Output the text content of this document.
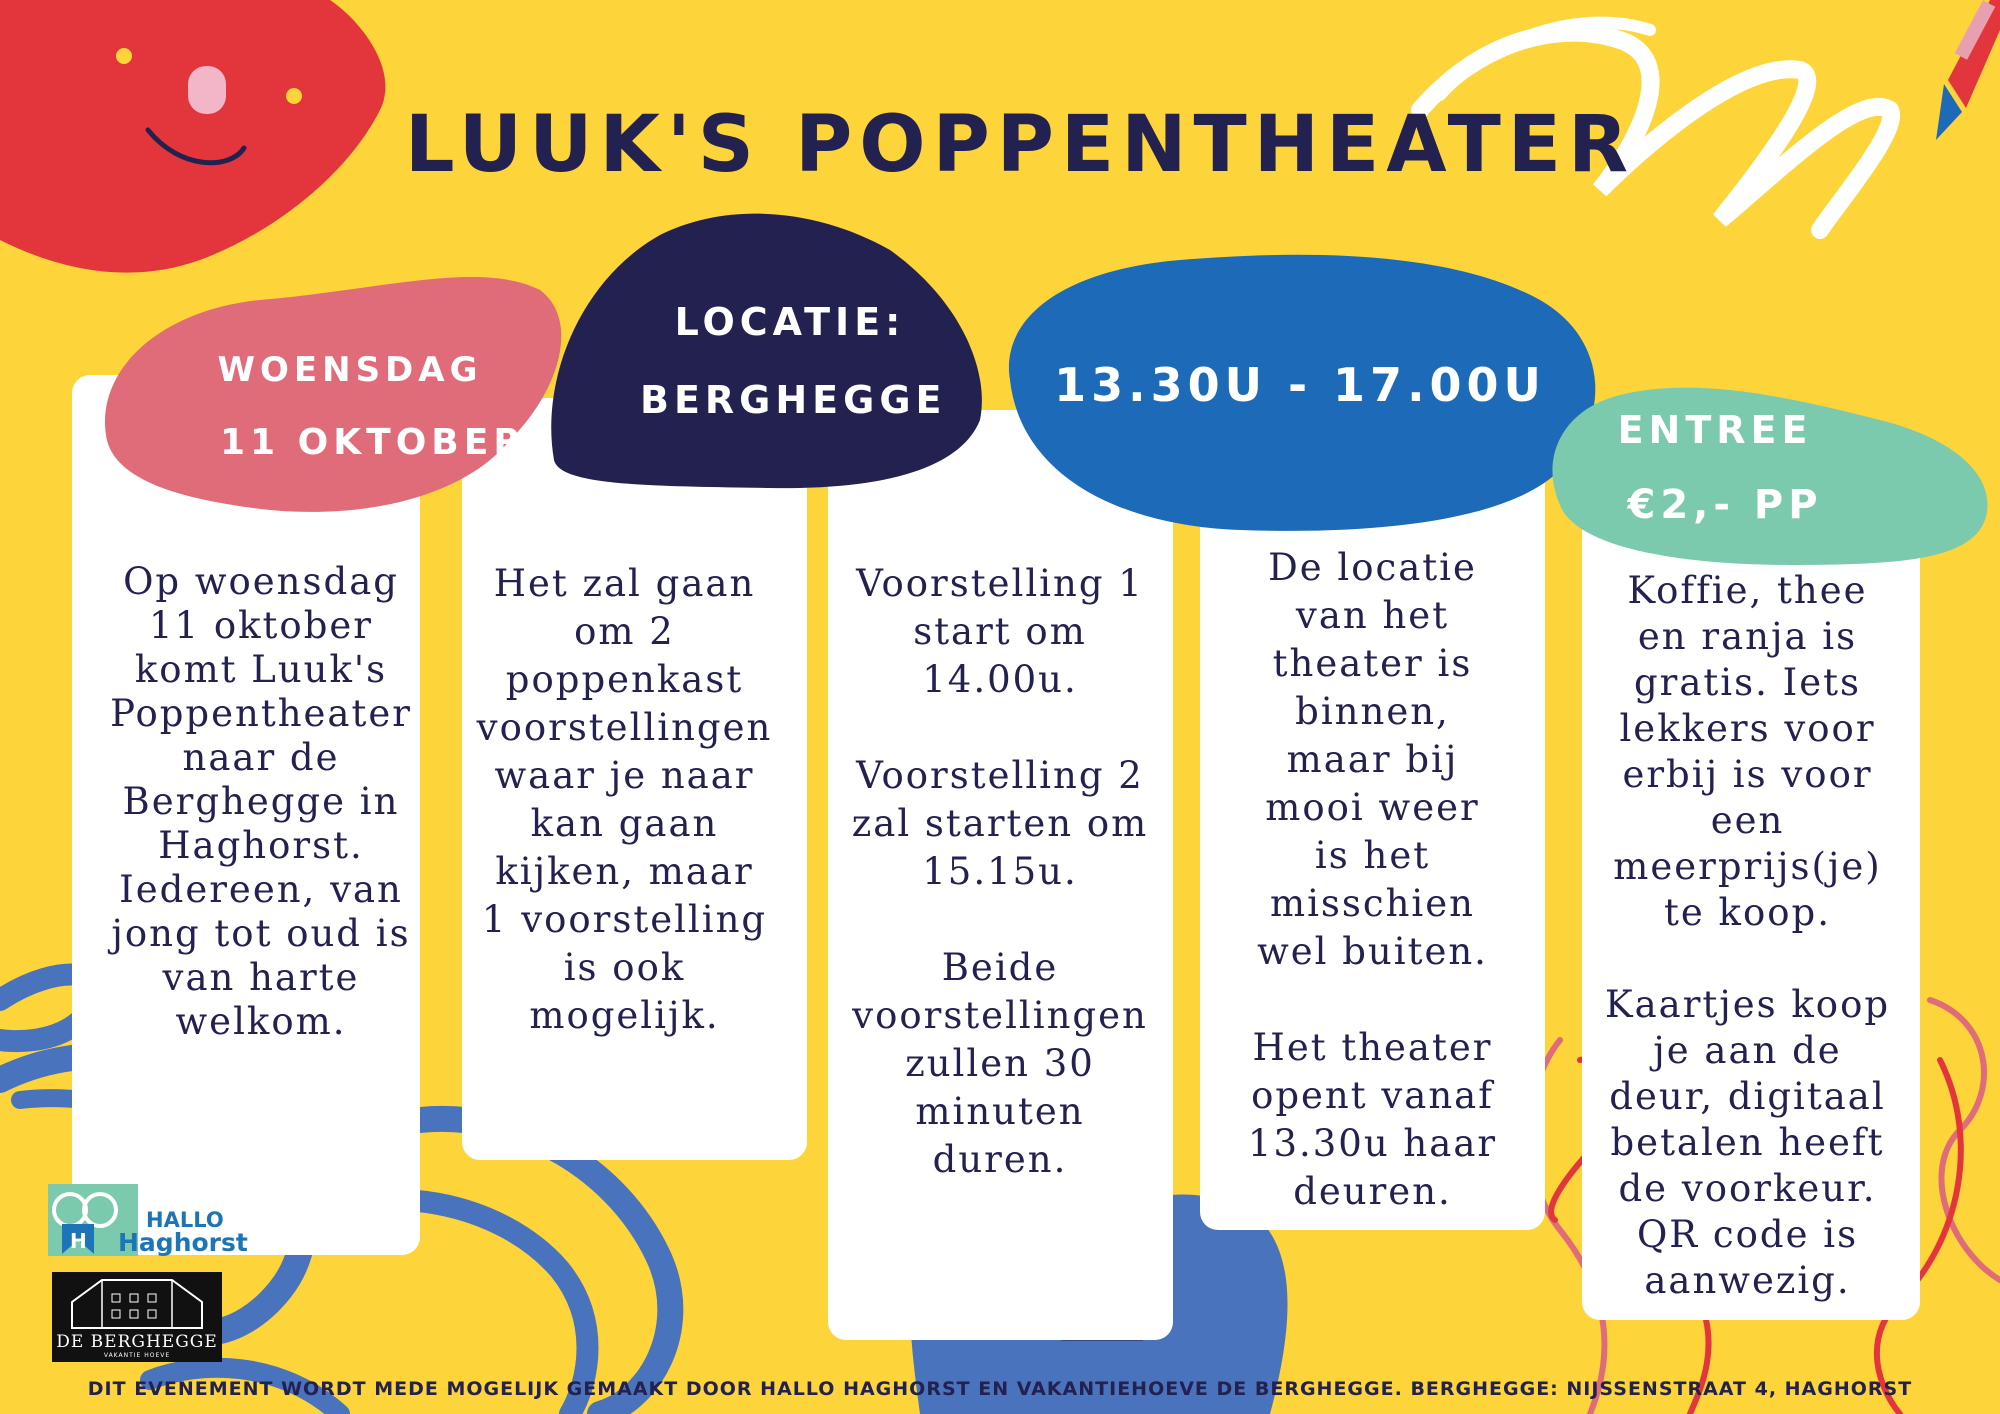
LUUK'S POPPENTHEATER
WOENSDAG
11 OKTOBER
LOCATIE:
BERGHEGGE 13.30U - 17.00U
ENTREE
€2,- PP
Op woensdag
11 oktober
komt Luuk's
Poppentheater
naar de
Berghegge in
Haghorst.
Iedereen, van
jong tot oud is
van harte
welkom.
Het zal gaan
om 2
poppenkast
voorstellingen
waar je naar
kan gaan
kijken, maar
1 voorstelling
is ook
mogelijk.
Voorstelling 1
start om
14.00u.

Voorstelling 2
zal starten om
15.15u.

Beide
voorstellingen
zullen 30
minuten
duren.
De locatie
van het
theater is
binnen,
maar bij
mooi weer
is het
misschien
wel buiten.

Het theater
opent vanaf
13.30u haar
deuren.
Koffie, thee
en ranja is
gratis. Iets
lekkers voor
erbij is voor
een
meerprijs(je)
te koop.

Kaartjes koop
je aan de
deur, digitaal
betalen heeft
de voorkeur.
QR code is
aanwezig.
H
HALLO
Haghorst
DE BERGHEGGE
VAKANTIE HOEVE
DIT EVENEMENT WORDT MEDE MOGELIJK GEMAAKT DOOR HALLO HAGHORST EN VAKANTIEHOEVE DE BERGHEGGE. BERGHEGGE: NIJSSENSTRAAT 4, HAGHORST
